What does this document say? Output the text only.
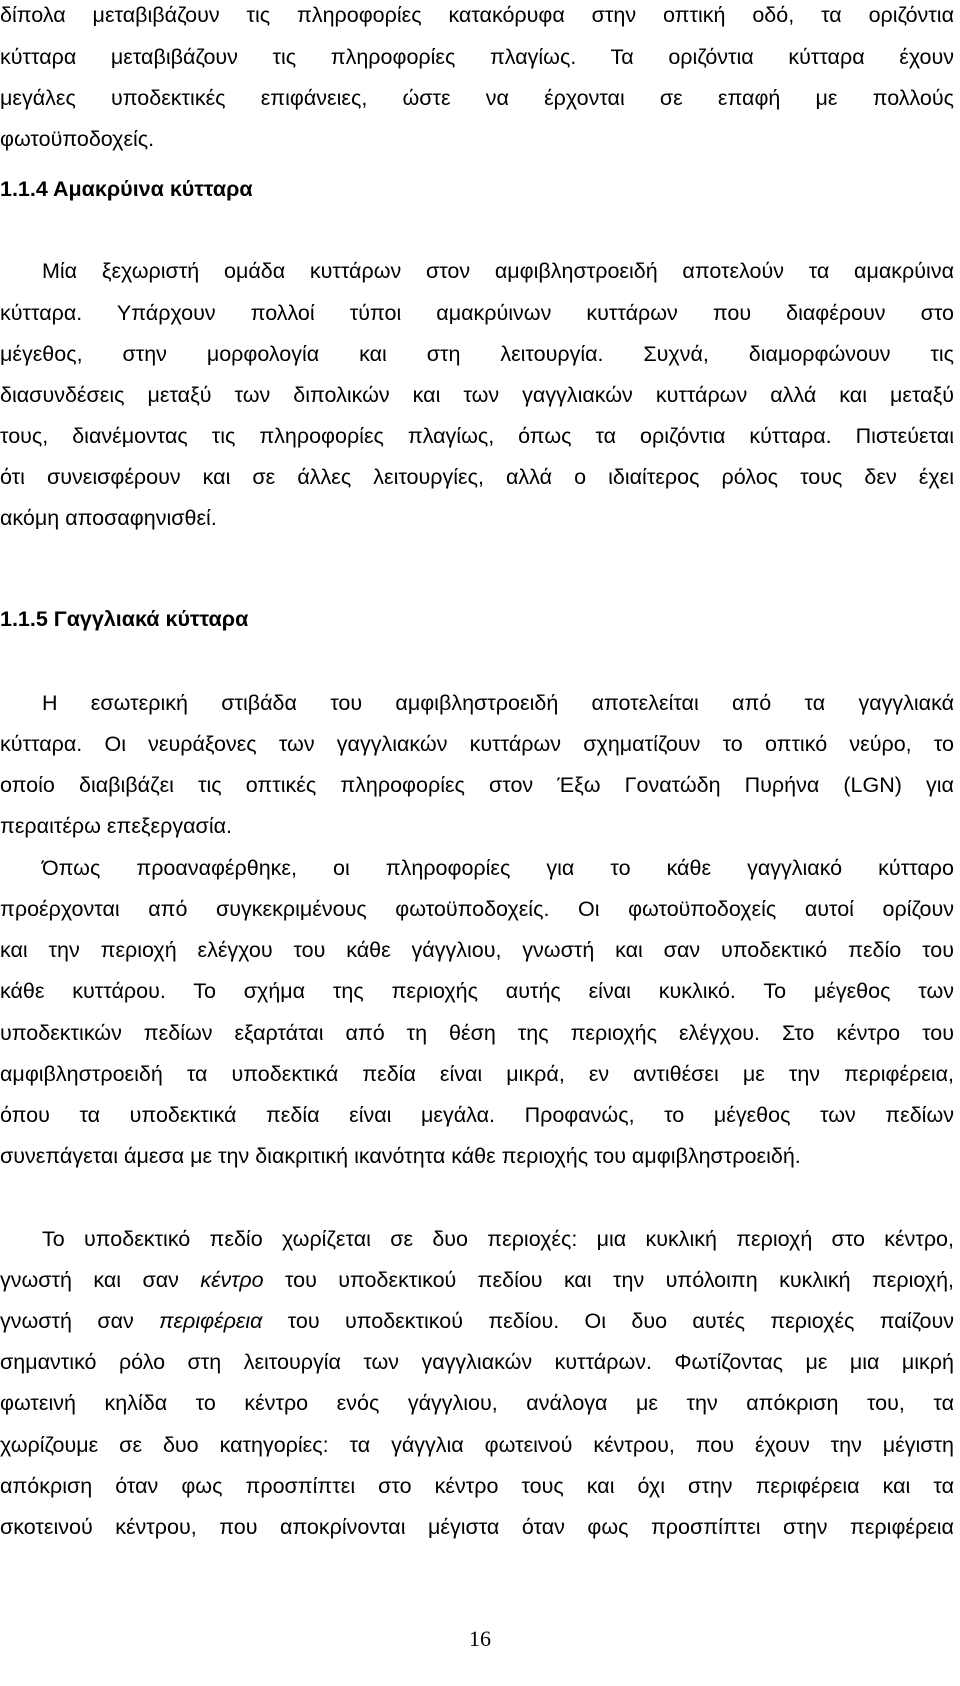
δίπολα μεταβιβάζουν τις πληροφορίες κατακόρυφα στην οπτική οδό, τα οριζόντια
κύτταρα μεταβιβάζουν τις πληροφορίες πλαγίως. Τα οριζόντια κύτταρα έχουν
μεγάλες υποδεκτικές επιφάνειες, ώστε να έρχονται σε επαφή με πολλούς
φωτοϋποδοχείς.
1.1.4 Αμακρύινα κύτταρα
Μία ξεχωριστή ομάδα κυττάρων στον αμφιβληστροειδή αποτελούν τα αμακρύινα
κύτταρα. Υπάρχουν πολλοί τύποι αμακρύινων κυττάρων που διαφέρουν στο
μέγεθος, στην μορφολογία και στη λειτουργία. Συχνά, διαμορφώνουν τις
διασυνδέσεις μεταξύ των διπολικών και των γαγγλιακών κυττάρων αλλά και μεταξύ
τους, διανέμοντας τις πληροφορίες πλαγίως, όπως τα οριζόντια κύτταρα. Πιστεύεται
ότι συνεισφέρουν και σε άλλες λειτουργίες, αλλά ο ιδιαίτερος ρόλος τους δεν έχει
ακόμη αποσαφηνισθεί.
1.1.5 Γαγγλιακά κύτταρα
Η εσωτερική στιβάδα του αμφιβληστροειδή αποτελείται από τα γαγγλιακά
κύτταρα. Οι νευράξονες των γαγγλιακών κυττάρων σχηματίζουν το οπτικό νεύρο, το
οποίο διαβιβάζει τις οπτικές πληροφορίες στον Έξω Γονατώδη Πυρήνα (LGN) για
περαιτέρω επεξεργασία.
Όπως προαναφέρθηκε, οι πληροφορίες για το κάθε γαγγλιακό κύτταρο
προέρχονται από συγκεκριμένους φωτοϋποδοχείς. Οι φωτοϋποδοχείς αυτοί ορίζουν
και την περιοχή ελέγχου του κάθε γάγγλιου, γνωστή και σαν υποδεκτικό πεδίο του
κάθε κυττάρου. Το σχήμα της περιοχής αυτής είναι κυκλικό. Το μέγεθος των
υποδεκτικών πεδίων εξαρτάται από τη θέση της περιοχής ελέγχου. Στο κέντρο του
αμφιβληστροειδή τα υποδεκτικά πεδία είναι μικρά, εν αντιθέσει με την περιφέρεια,
όπου τα υποδεκτικά πεδία είναι μεγάλα. Προφανώς, το μέγεθος των πεδίων
συνεπάγεται άμεσα με την διακριτική ικανότητα κάθε περιοχής του αμφιβληστροειδή.
Το υποδεκτικό πεδίο χωρίζεται σε δυο περιοχές: μια κυκλική περιοχή στο κέντρο,
γνωστή και σαν κέντρο του υποδεκτικού πεδίου και την υπόλοιπη κυκλική περιοχή,
γνωστή σαν περιφέρεια του υποδεκτικού πεδίου. Οι δυο αυτές περιοχές παίζουν
σημαντικό ρόλο στη λειτουργία των γαγγλιακών κυττάρων. Φωτίζοντας με μια μικρή
φωτεινή κηλίδα το κέντρο ενός γάγγλιου, ανάλογα με την απόκριση του, τα
χωρίζουμε σε δυο κατηγορίες: τα γάγγλια φωτεινού κέντρου, που έχουν την μέγιστη
απόκριση όταν φως προσπίπτει στο κέντρο τους και όχι στην περιφέρεια και τα
σκοτεινού κέντρου, που αποκρίνονται μέγιστα όταν φως προσπίπτει στην περιφέρεια
16
